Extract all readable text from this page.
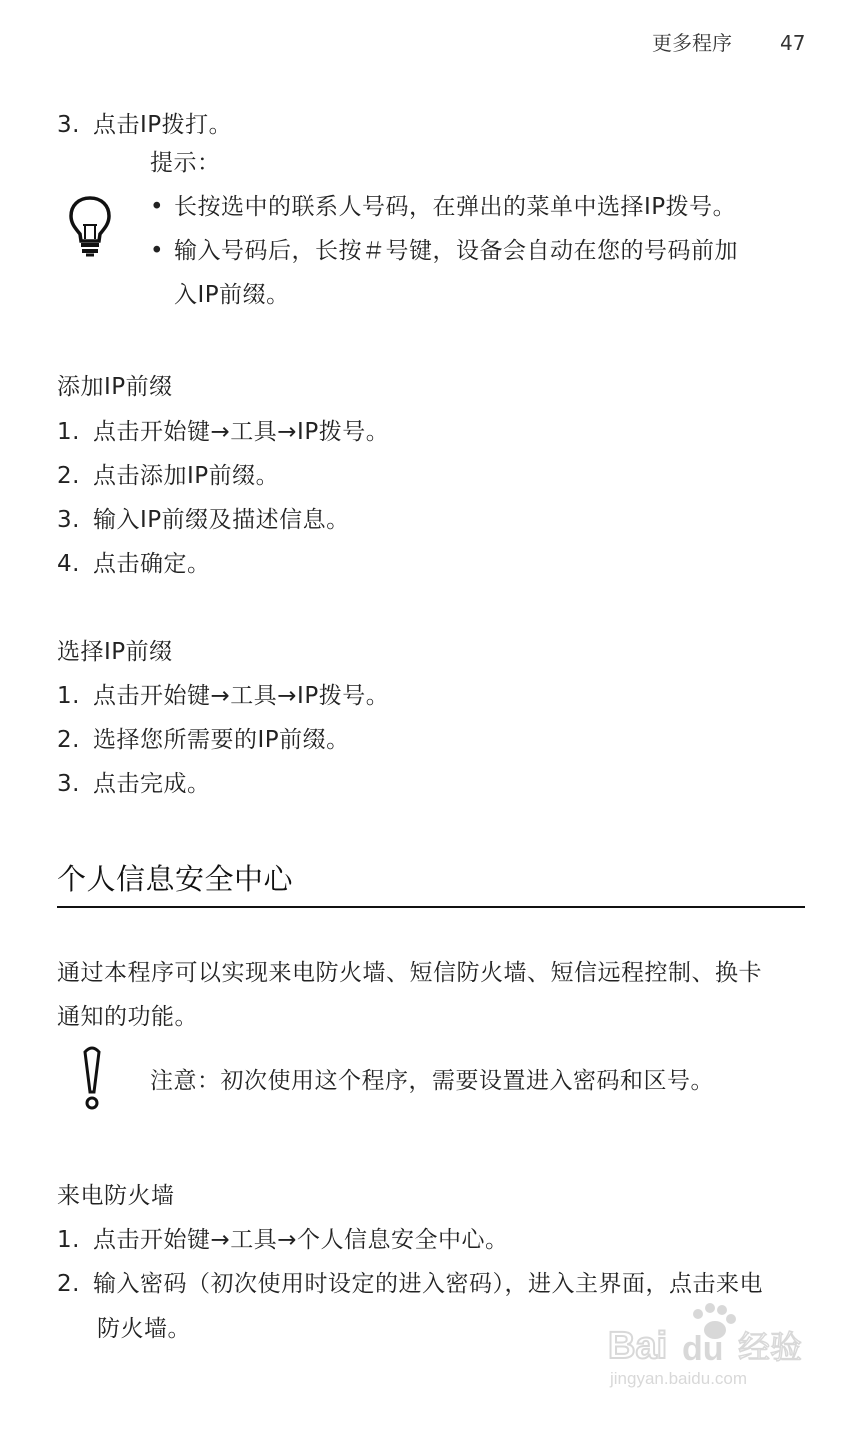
更多程序 47
3. 点击IP拨打。
提示：
• 长按选中的联系人号码，在弹出的菜单中选择IP拨号。
• 输入号码后，长按＃号键，设备会自动在您的号码前加
入IP前缀。
添加IP前缀
1. 点击开始键→工具→IP拨号。
2. 点击添加IP前缀。
3. 输入IP前缀及描述信息。
4. 点击确定。
选择IP前缀
1. 点击开始键→工具→IP拨号。
2. 选择您所需要的IP前缀。
3. 点击完成。
个人信息安全中心
通过本程序可以实现来电防火墙、短信防火墙、短信远程控制、换卡
通知的功能。
注意：初次使用这个程序，需要设置进入密码和区号。
来电防火墙
1. 点击开始键→工具→个人信息安全中心。
2. 输入密码（初次使用时设定的进入密码），进入主界面，点击来电
防火墙。	Bai du 经验
jingyan.baidu.com
